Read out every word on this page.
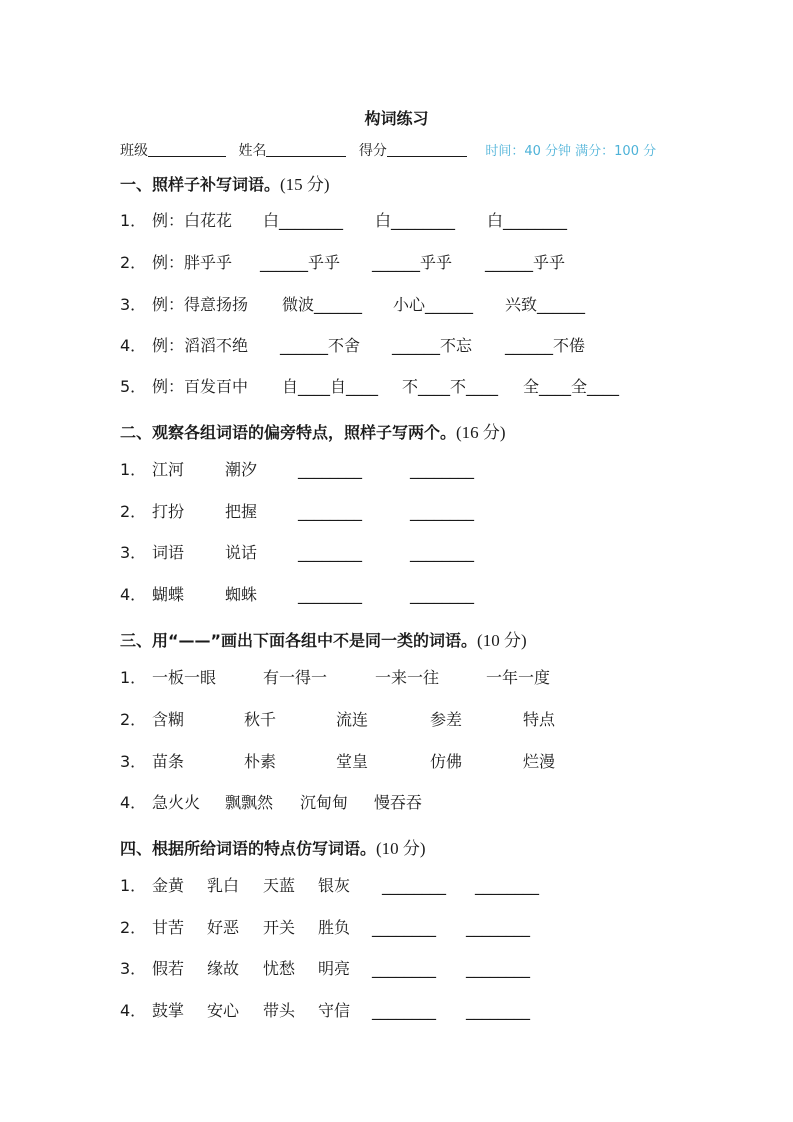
构词练习
班级	姓名	得分	时间：40 分钟 满分：100 分
一、照样子补写词语。(15 分)
1． 例：白花花 白________ 白________ 白________
2． 例：胖乎乎 ______乎乎 ______乎乎 ______乎乎
3． 例：得意扬扬 微波______ 小心______ 兴致______
4． 例：滔滔不绝 ______不舍 ______不忘 ______不倦
5． 例：百发百中 自____自____ 不____不____ 全____全____
二、观察各组词语的偏旁特点，照样子写两个。(16 分)
1． 江河	潮汐	________	________
2． 打扮	把握	________	________
3． 词语	说话	________	________
4． 蝴蝶	蜘蛛	________	________
三、用“——”画出下面各组中不是同一类的词语。(10 分)
1． 一板一眼	有一得一	一来一往	一年一度
2． 含糊	秋千	流连	参差	特点
3． 苗条	朴素	堂皇	仿佛	烂漫
4． 急火火 飘飘然 沉甸甸 慢吞吞
四、根据所给词语的特点仿写词语。(10 分)
1． 金黄 乳白 天蓝 银灰 ________ ________
2． 甘苦 好恶 开关 胜负 ________ ________
3． 假若 缘故 忧愁 明亮 ________ ________
4． 鼓掌 安心 带头 守信 ________ ________
